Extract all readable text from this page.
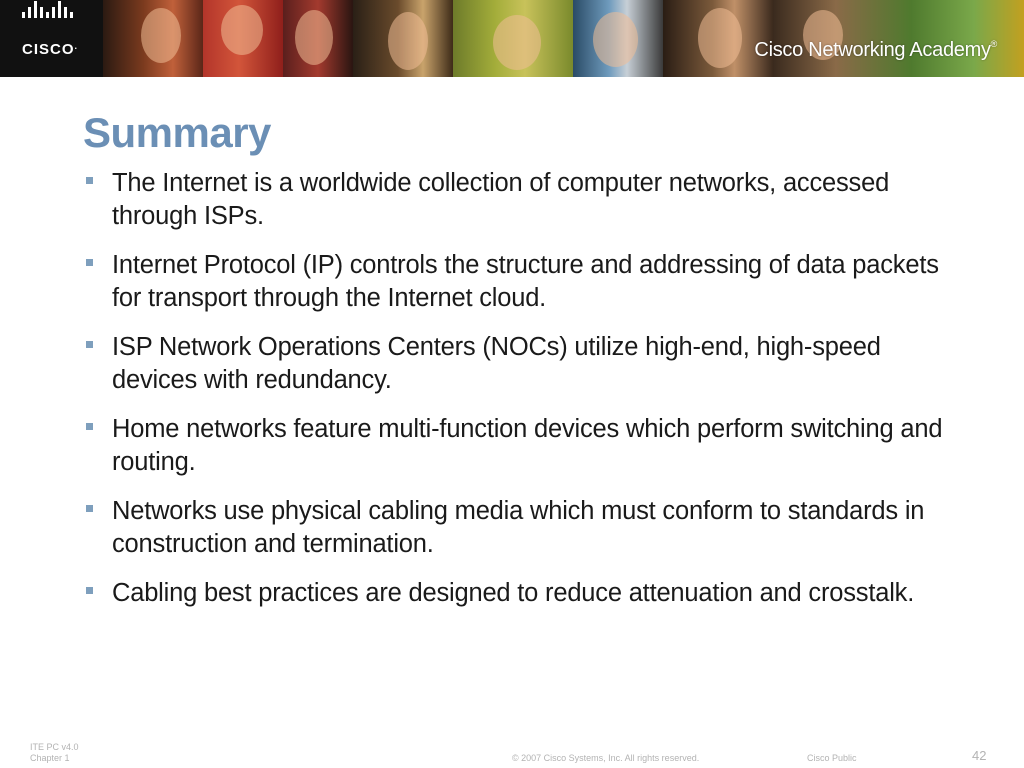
CISCO.	Cisco Networking Academy®
Summary
The Internet is a worldwide collection of computer networks, accessed through ISPs.
Internet Protocol (IP) controls the structure and addressing of data packets for transport through the Internet cloud.
ISP Network Operations Centers (NOCs) utilize high-end, high-speed devices with redundancy.
Home networks feature multi-function devices which perform switching and routing.
Networks use physical cabling media which must conform to standards in construction and termination.
Cabling best practices are designed to reduce attenuation and crosstalk.
ITE PC v4.0
Chapter 1	© 2007 Cisco Systems, Inc. All rights reserved.	Cisco Public	42
